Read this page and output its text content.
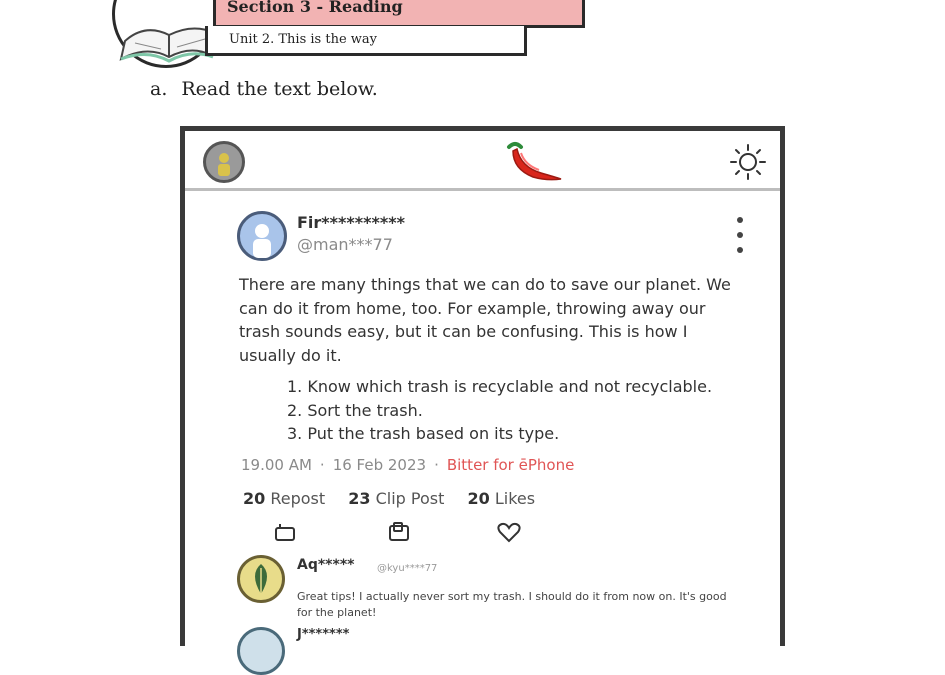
Section 3 - Reading
Unit 2. This is the way
a. Read the text below.
Fir**********
@man***77
There are many things that we can do to save our planet. We can do it from home, too. For example, throwing away our trash sounds easy, but it can be confusing. This is how I usually do it.
1. Know which trash is recyclable and not recyclable.
2. Sort the trash.
3. Put the trash based on its type.
19.00 AM · 16 Feb 2023 · Bitter for ēPhone
20 Repost 23 Clip Post 20 Likes
Aq***** @kyu****77
Great tips! I actually never sort my trash. I should do it from now on. It's good for the planet!
J*******
